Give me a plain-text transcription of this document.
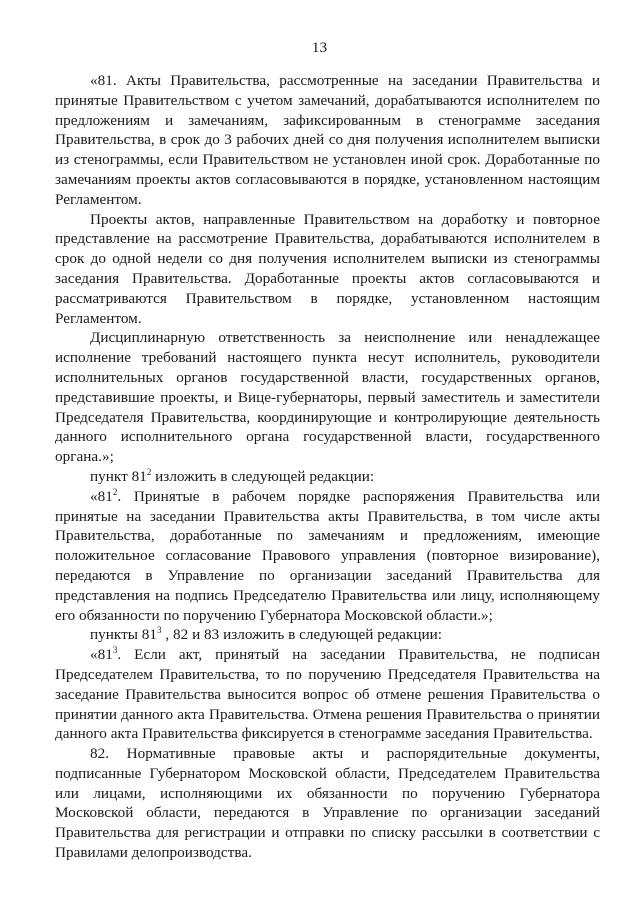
13

«81. Акты Правительства, рассмотренные на заседании Правительства и принятые Правительством с учетом замечаний, дорабатываются исполнителем по предложениям и замечаниям, зафиксированным в стенограмме заседания Правительства, в срок до 3 рабочих дней со дня получения исполнителем выписки из стенограммы, если Правительством не установлен иной срок. Доработанные по замечаниям проекты актов согласовываются в порядке, установленном настоящим Регламентом.

Проекты актов, направленные Правительством на доработку и повторное представление на рассмотрение Правительства, дорабатываются исполнителем в срок до одной недели со дня получения исполнителем выписки из стенограммы заседания Правительства. Доработанные проекты актов согласовываются и рассматриваются Правительством в порядке, установленном настоящим Регламентом.

Дисциплинарную ответственность за неисполнение или ненадлежащее исполнение требований настоящего пункта несут исполнитель, руководители исполнительных органов государственной власти, государственных органов, представившие проекты, и Вице-губернаторы, первый заместитель и заместители Председателя Правительства, координирующие и контролирующие деятельность данного исполнительного органа государственной власти, государственного органа.»;

пункт $81^2$ изложить в следующей редакции:

«$81^2$. Принятые в рабочем порядке распоряжения Правительства или принятые на заседании Правительства акты Правительства, в том числе акты Правительства, доработанные по замечаниям и предложениям, имеющие положительное согласование Правового управления (повторное визирование), передаются в Управление по организации заседаний Правительства для представления на подпись Председателю Правительства или лицу, исполняющему его обязанности по поручению Губернатора Московской области.»;

пункты $81^3$ , 82 и 83 изложить в следующей редакции:

«$81^3$. Если акт, принятый на заседании Правительства, не подписан Председателем Правительства, то по поручению Председателя Правительства на заседание Правительства выносится вопрос об отмене решения Правительства о принятии данного акта Правительства. Отмена решения Правительства о принятии данного акта Правительства фиксируется в стенограмме заседания Правительства.

82. Нормативные правовые акты и распорядительные документы, подписанные Губернатором Московской области, Председателем Правительства или лицами, исполняющими их обязанности по поручению Губернатора Московской области, передаются в Управление по организации заседаний Правительства для регистрации и отправки по списку рассылки в соответствии с Правилами делопроизводства.
